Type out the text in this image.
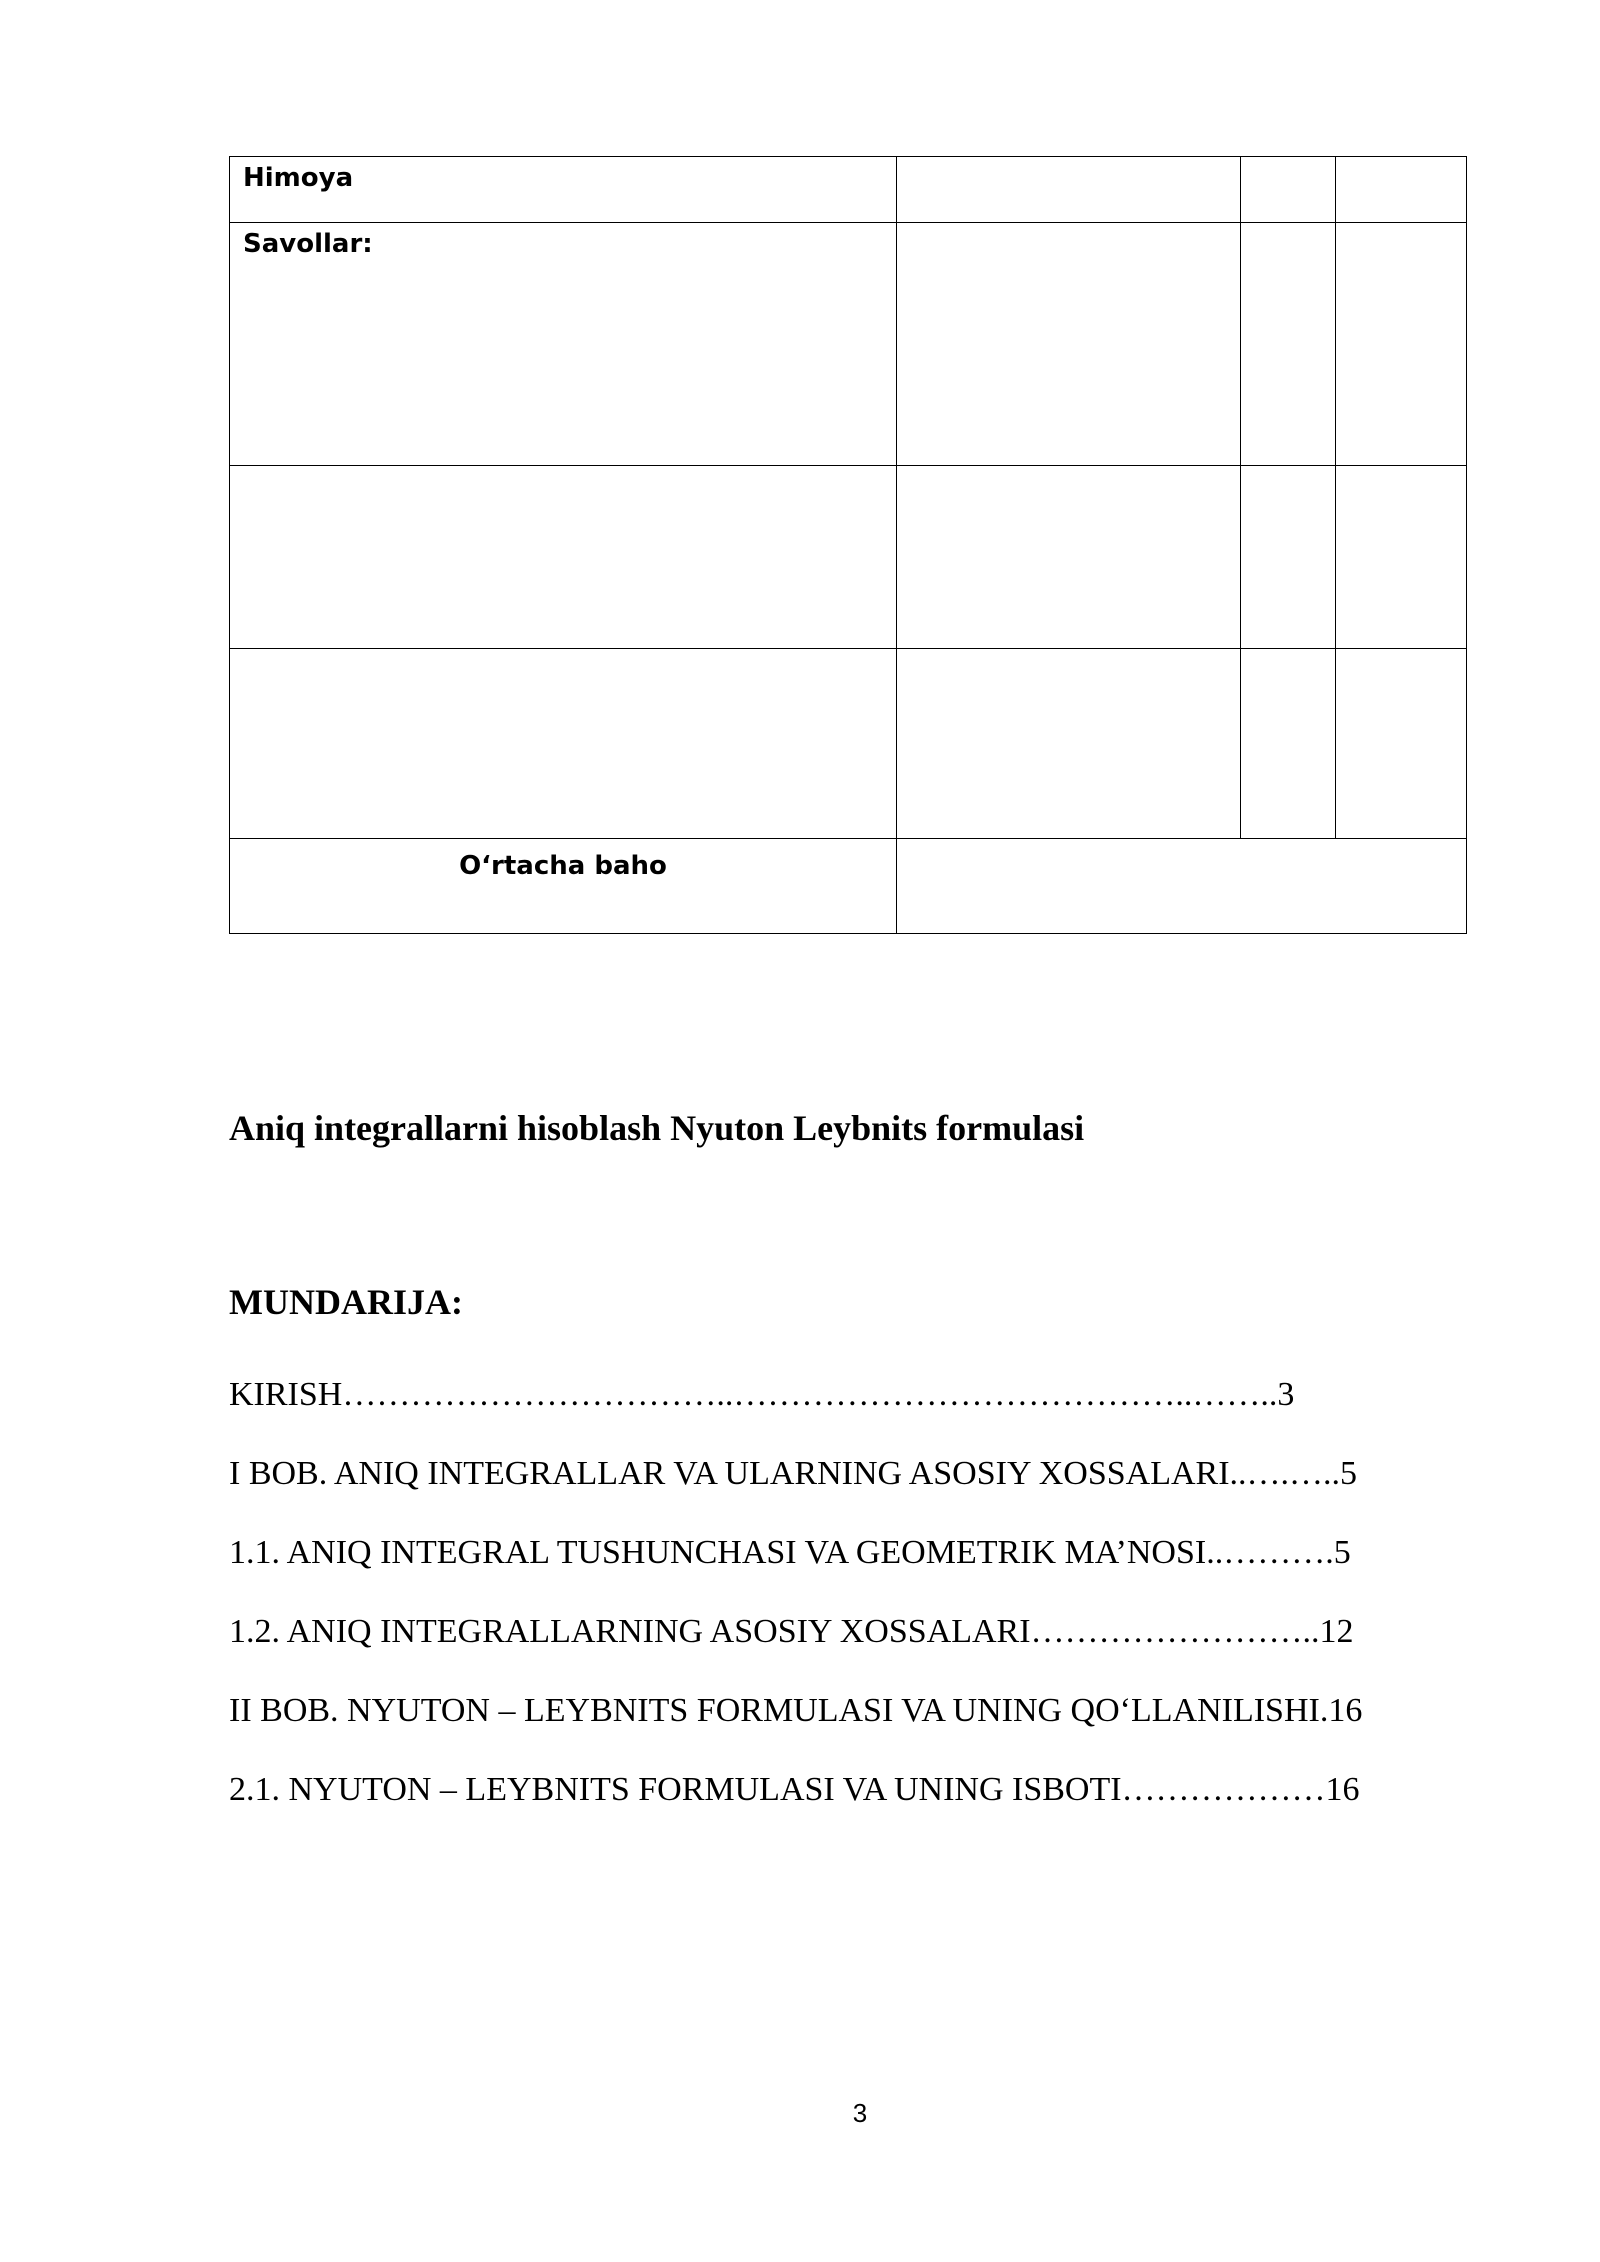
Himoya			

Savollar:			

O‘rtacha baho			

Aniq integrallarni hisoblash Nyuton Leybnits formulasi
MUNDARIJA:
KIRISH……………………………..…………………………………..……..3
I BOB. ANIQ INTEGRALLAR VA ULARNING ASOSIY XOSSALARI..….…..5
1.1. ANIQ INTEGRAL TUSHUNCHASI VA GEOMETRIK MA’NOSI..……….5
1.2. ANIQ INTEGRALLARNING ASOSIY XOSSALARI……………………..12
II BOB. NYUTON – LEYBNITS FORMULASI VA UNING QO‘LLANILISHI.16
2.1. NYUTON – LEYBNITS FORMULASI VA UNING ISBOTI………………16
3
